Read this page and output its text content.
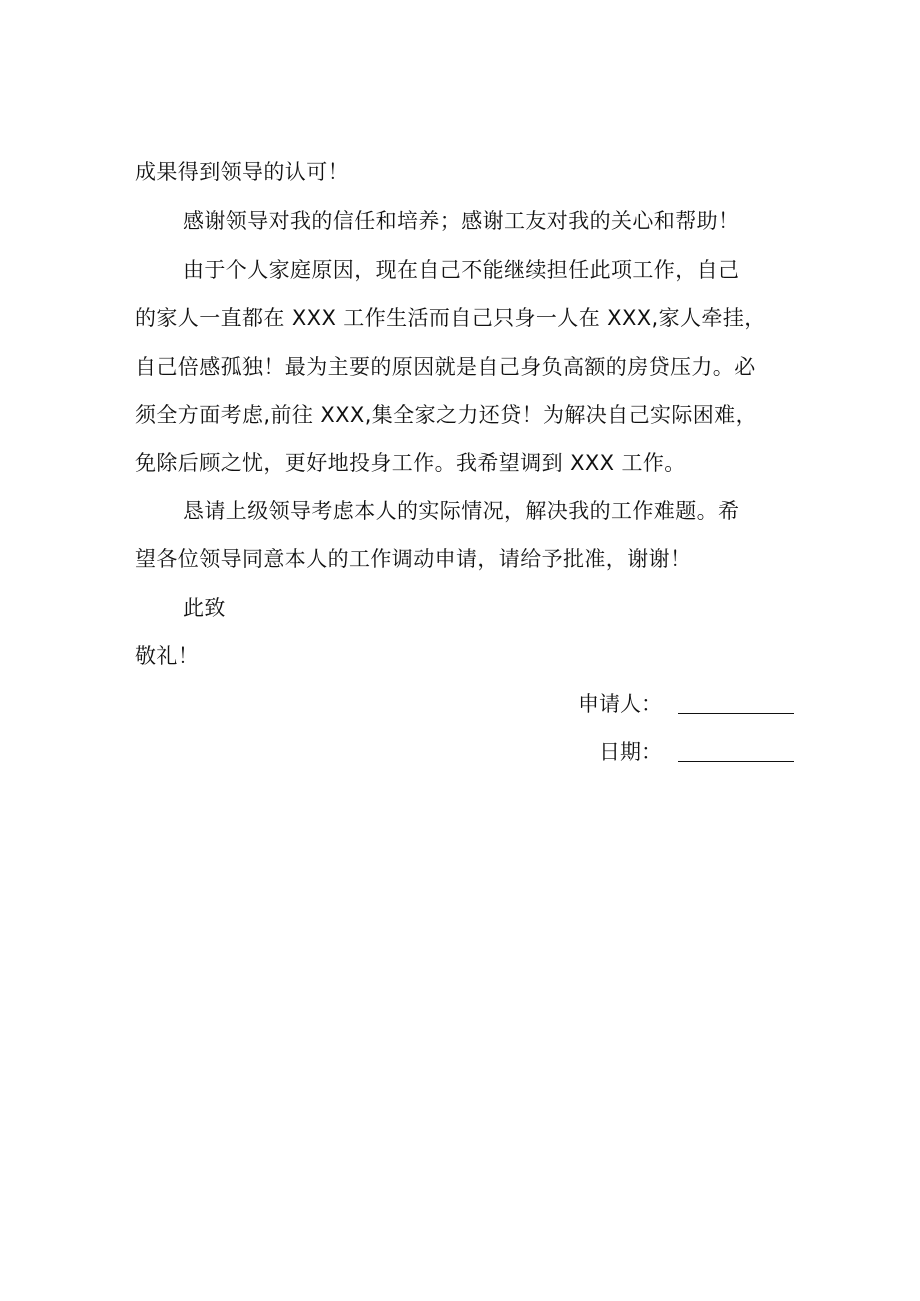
成果得到领导的认可！
感谢领导对我的信任和培养；感谢工友对我的关心和帮助！
由于个人家庭原因，现在自己不能继续担任此项工作，自己
的家人一直都在 XXX 工作生活而自己只身一人在 XXX,家人牵挂，
自己倍感孤独！最为主要的原因就是自己身负高额的房贷压力。必
须全方面考虑,前往 XXX,集全家之力还贷！为解决自己实际困难，
免除后顾之忧，更好地投身工作。我希望调到 XXX 工作。
恳请上级领导考虑本人的实际情况，解决我的工作难题。希
望各位领导同意本人的工作调动申请，请给予批准，谢谢！
此致
敬礼！
申请人：
日期：
